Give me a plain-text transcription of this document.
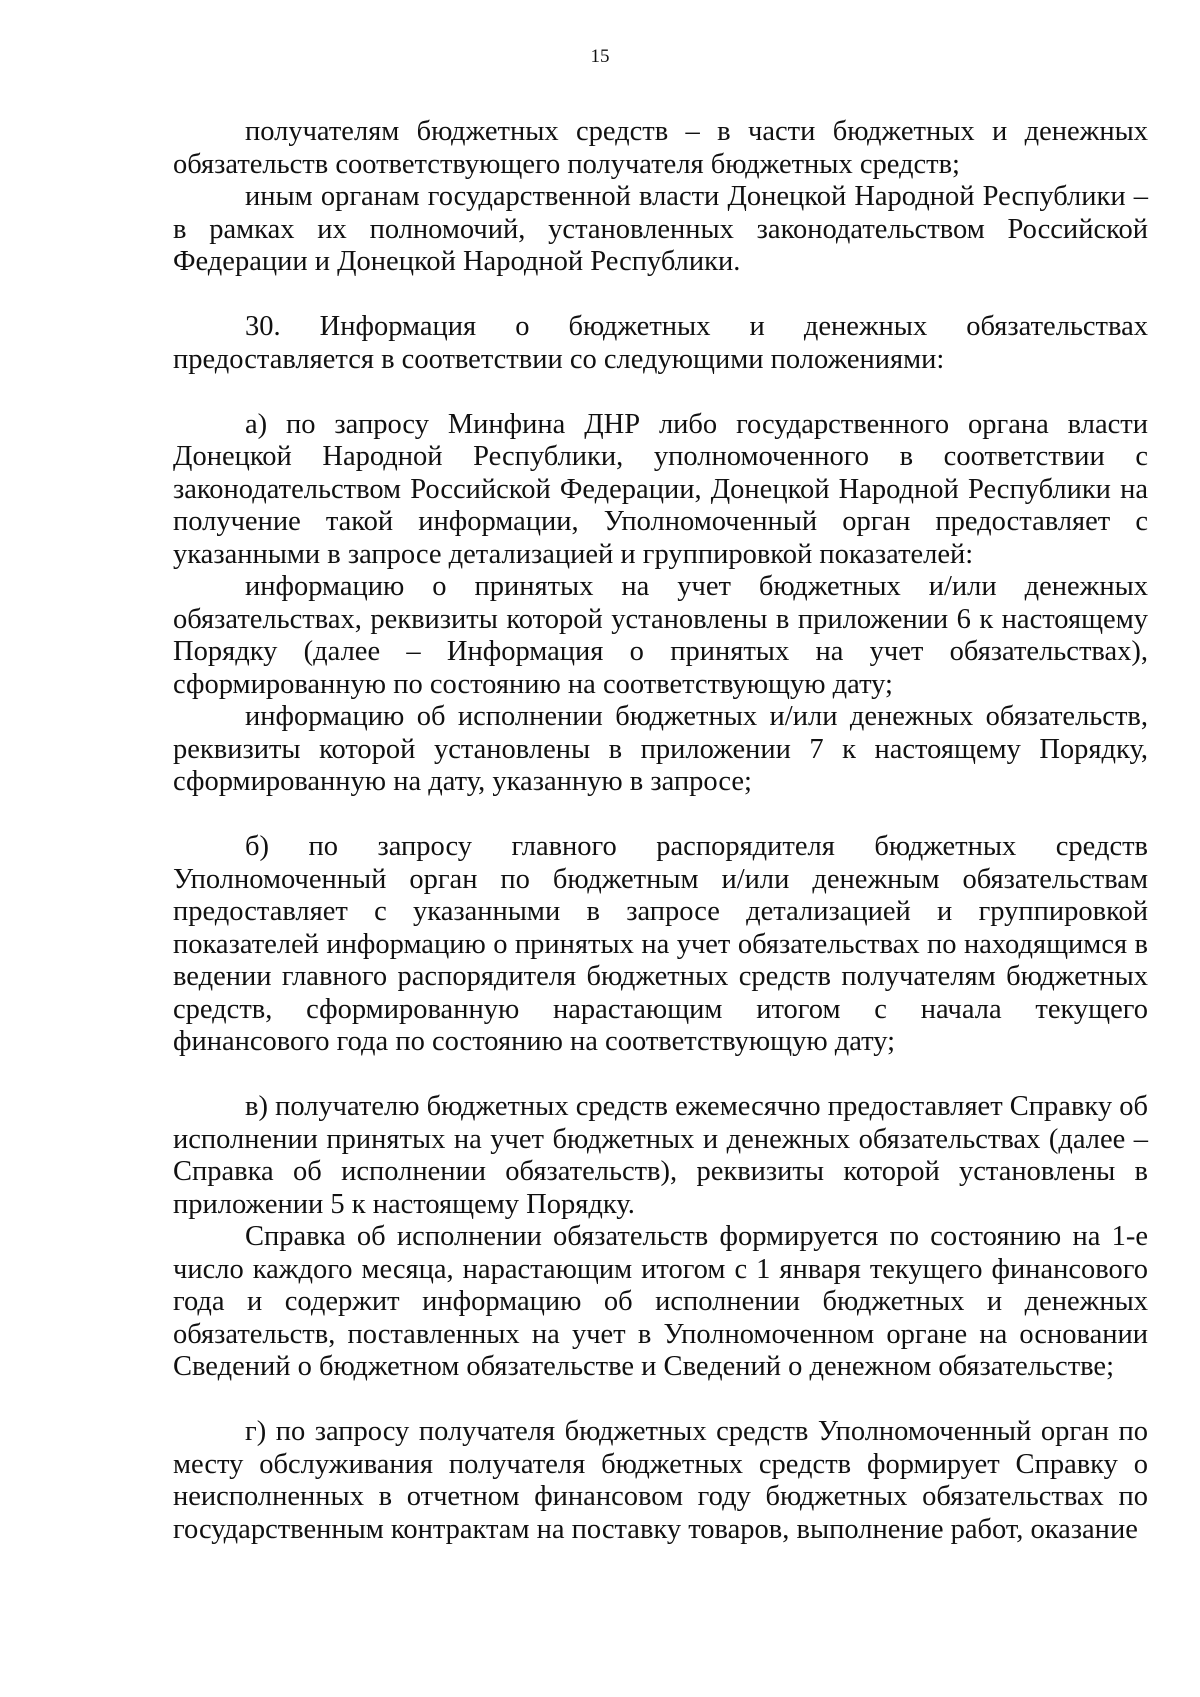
15

получателям бюджетных средств – в части бюджетных и денежных обязательств соответствующего получателя бюджетных средств;

иным органам государственной власти Донецкой Народной Республики – в рамках их полномочий, установленных законодательством Российской Федерации и Донецкой Народной Республики.

30. Информация о бюджетных и денежных обязательствах предоставляется в соответствии со следующими положениями:

а) по запросу Минфина ДНР либо государственного органа власти Донецкой Народной Республики, уполномоченного в соответствии с законодательством Российской Федерации, Донецкой Народной Республики на получение такой информации, Уполномоченный орган предоставляет с указанными в запросе детализацией и группировкой показателей:

информацию о принятых на учет бюджетных и/или денежных обязательствах, реквизиты которой установлены в приложении 6 к настоящему Порядку (далее – Информация о принятых на учет обязательствах), сформированную по состоянию на соответствующую дату;

информацию об исполнении бюджетных и/или денежных обязательств, реквизиты которой установлены в приложении 7 к настоящему Порядку, сформированную на дату, указанную в запросе;

б) по запросу главного распорядителя бюджетных средств Уполномоченный орган по бюджетным и/или денежным обязательствам предоставляет с указанными в запросе детализацией и группировкой показателей информацию о принятых на учет обязательствах по находящимся в ведении главного распорядителя бюджетных средств получателям бюджетных средств, сформированную нарастающим итогом с начала текущего финансового года по состоянию на соответствующую дату;

в) получателю бюджетных средств ежемесячно предоставляет Справку об исполнении принятых на учет бюджетных и денежных обязательствах (далее – Справка об исполнении обязательств), реквизиты которой установлены в приложении 5 к настоящему Порядку.

Справка об исполнении обязательств формируется по состоянию на 1-е число каждого месяца, нарастающим итогом с 1 января текущего финансового года и содержит информацию об исполнении бюджетных и денежных обязательств, поставленных на учет в Уполномоченном органе на основании Сведений о бюджетном обязательстве и Сведений о денежном обязательстве;

г) по запросу получателя бюджетных средств Уполномоченный орган по месту обслуживания получателя бюджетных средств формирует Справку о неисполненных в отчетном финансовом году бюджетных обязательствах по государственным контрактам на поставку товаров, выполнение работ, оказание
